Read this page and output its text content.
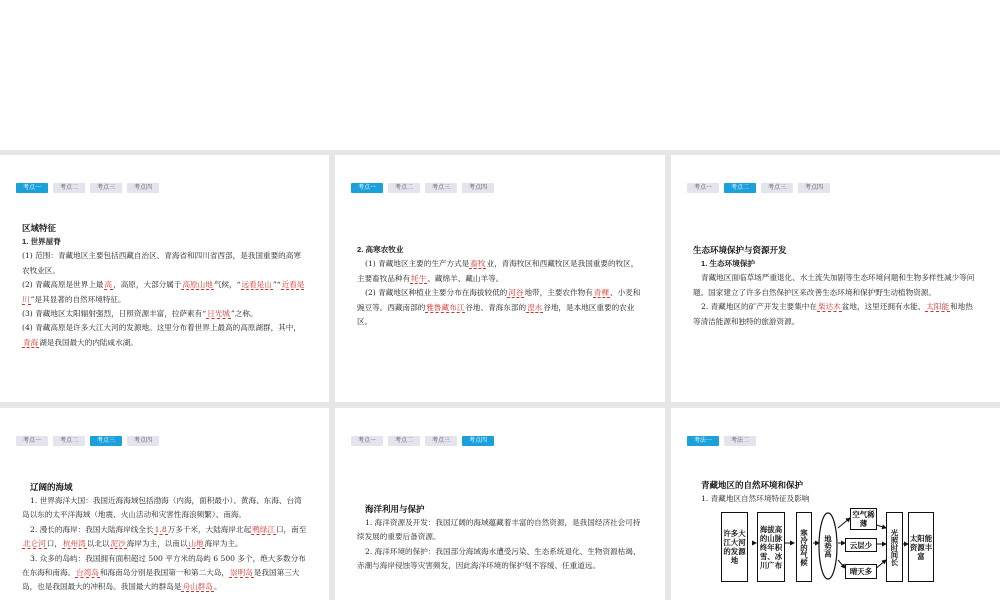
考点一	考点二	考点三	考点四
区域特征
1. 世界屋脊

(1) 范围：青藏地区主要包括西藏自治区、青海省和四川省西部，是我国重要的高寒农牧业区。

(2) 青藏高原是世界上最高，高原，大部分属于高原山地气候，“远看是山”“近看是川”是其显著的自然环境特征。

(3) 青藏地区太阳辐射强烈，日照资源丰富，拉萨素有“日光城”之称。

(4) 青藏高原是许多大江大河的发源地。这里分布着世界上最高的高原湖群，其中，青海湖是我国最大的内陆咸水湖。

考点一	考点二	考点三	考点四
2. 高寒农牧业

(1) 青藏地区主要的生产方式是畜牧业，青海牧区和西藏牧区是我国重要的牧区，主要畜牧品种有牦牛、藏绵羊、藏山羊等。

(2) 青藏地区种植业主要分布在海拔较低的河谷地带，主要农作物有青稞、小麦和豌豆等。西藏南部的雅鲁藏布江谷地、青海东部的湟水谷地，是本地区重要的农业区。

考点一	考点二	考点三	考点四
生态环境保护与资源开发
1. 生态环境保护

青藏地区面临草场严重退化、水土流失加剧等生态环境问题和生物多样性减少等问题。国家建立了许多自然保护区来改善生态环境和保护野生动植物资源。

2. 青藏地区的矿产开发主要集中在柴达木盆地，这里还拥有水能、太阳能和地热等清洁能源和独特的旅游资源。

考点一	考点二	考点三	考点四
辽阔的海域

1. 世界海洋大国：我国近海海域包括渤海（内海，面积最小）、黄海、东海、台湾岛以东的太平洋海域（地震、火山活动和灾害性海浪频繁）、南海。

2. 漫长的海岸：我国大陆海岸线全长1.8万多千米，大陆海岸北起鸭绿江口，南至北仑河口，杭州湾以北以泥沙海岸为主，以南以山地海岸为主。

3. 众多的岛屿：我国拥有面积超过 500 平方米的岛屿 6 500 多个，绝大多数分布在东海和南海。台湾岛和海南岛分别是我国第一和第二大岛，崇明岛是我国第三大岛，也是我国最大的冲积岛。我国最大的群岛是舟山群岛。

考点一	考点二	考点三	考点四
海洋利用与保护

1. 海洋资源及开发：我国辽阔的海域蕴藏着丰富的自然资源，是我国经济社会可持续发展的重要后备资源。

2. 海洋环境的保护：我国部分海域海水遭受污染、生态系统退化、生物资源枯竭、赤潮与海岸侵蚀等灾害频发，因此海洋环境的保护刻不容缓、任重道远。

考法一	考法二
青藏地区的自然环境和保护
1. 青藏地区自然环境特征及影响
许多大江大河的发源地
海拔高的山脉终年积雪、冰川广布 寒冷的气候 地势高
空气稀薄
云层少
晴天多
光照时间长 太阳能资源丰富
